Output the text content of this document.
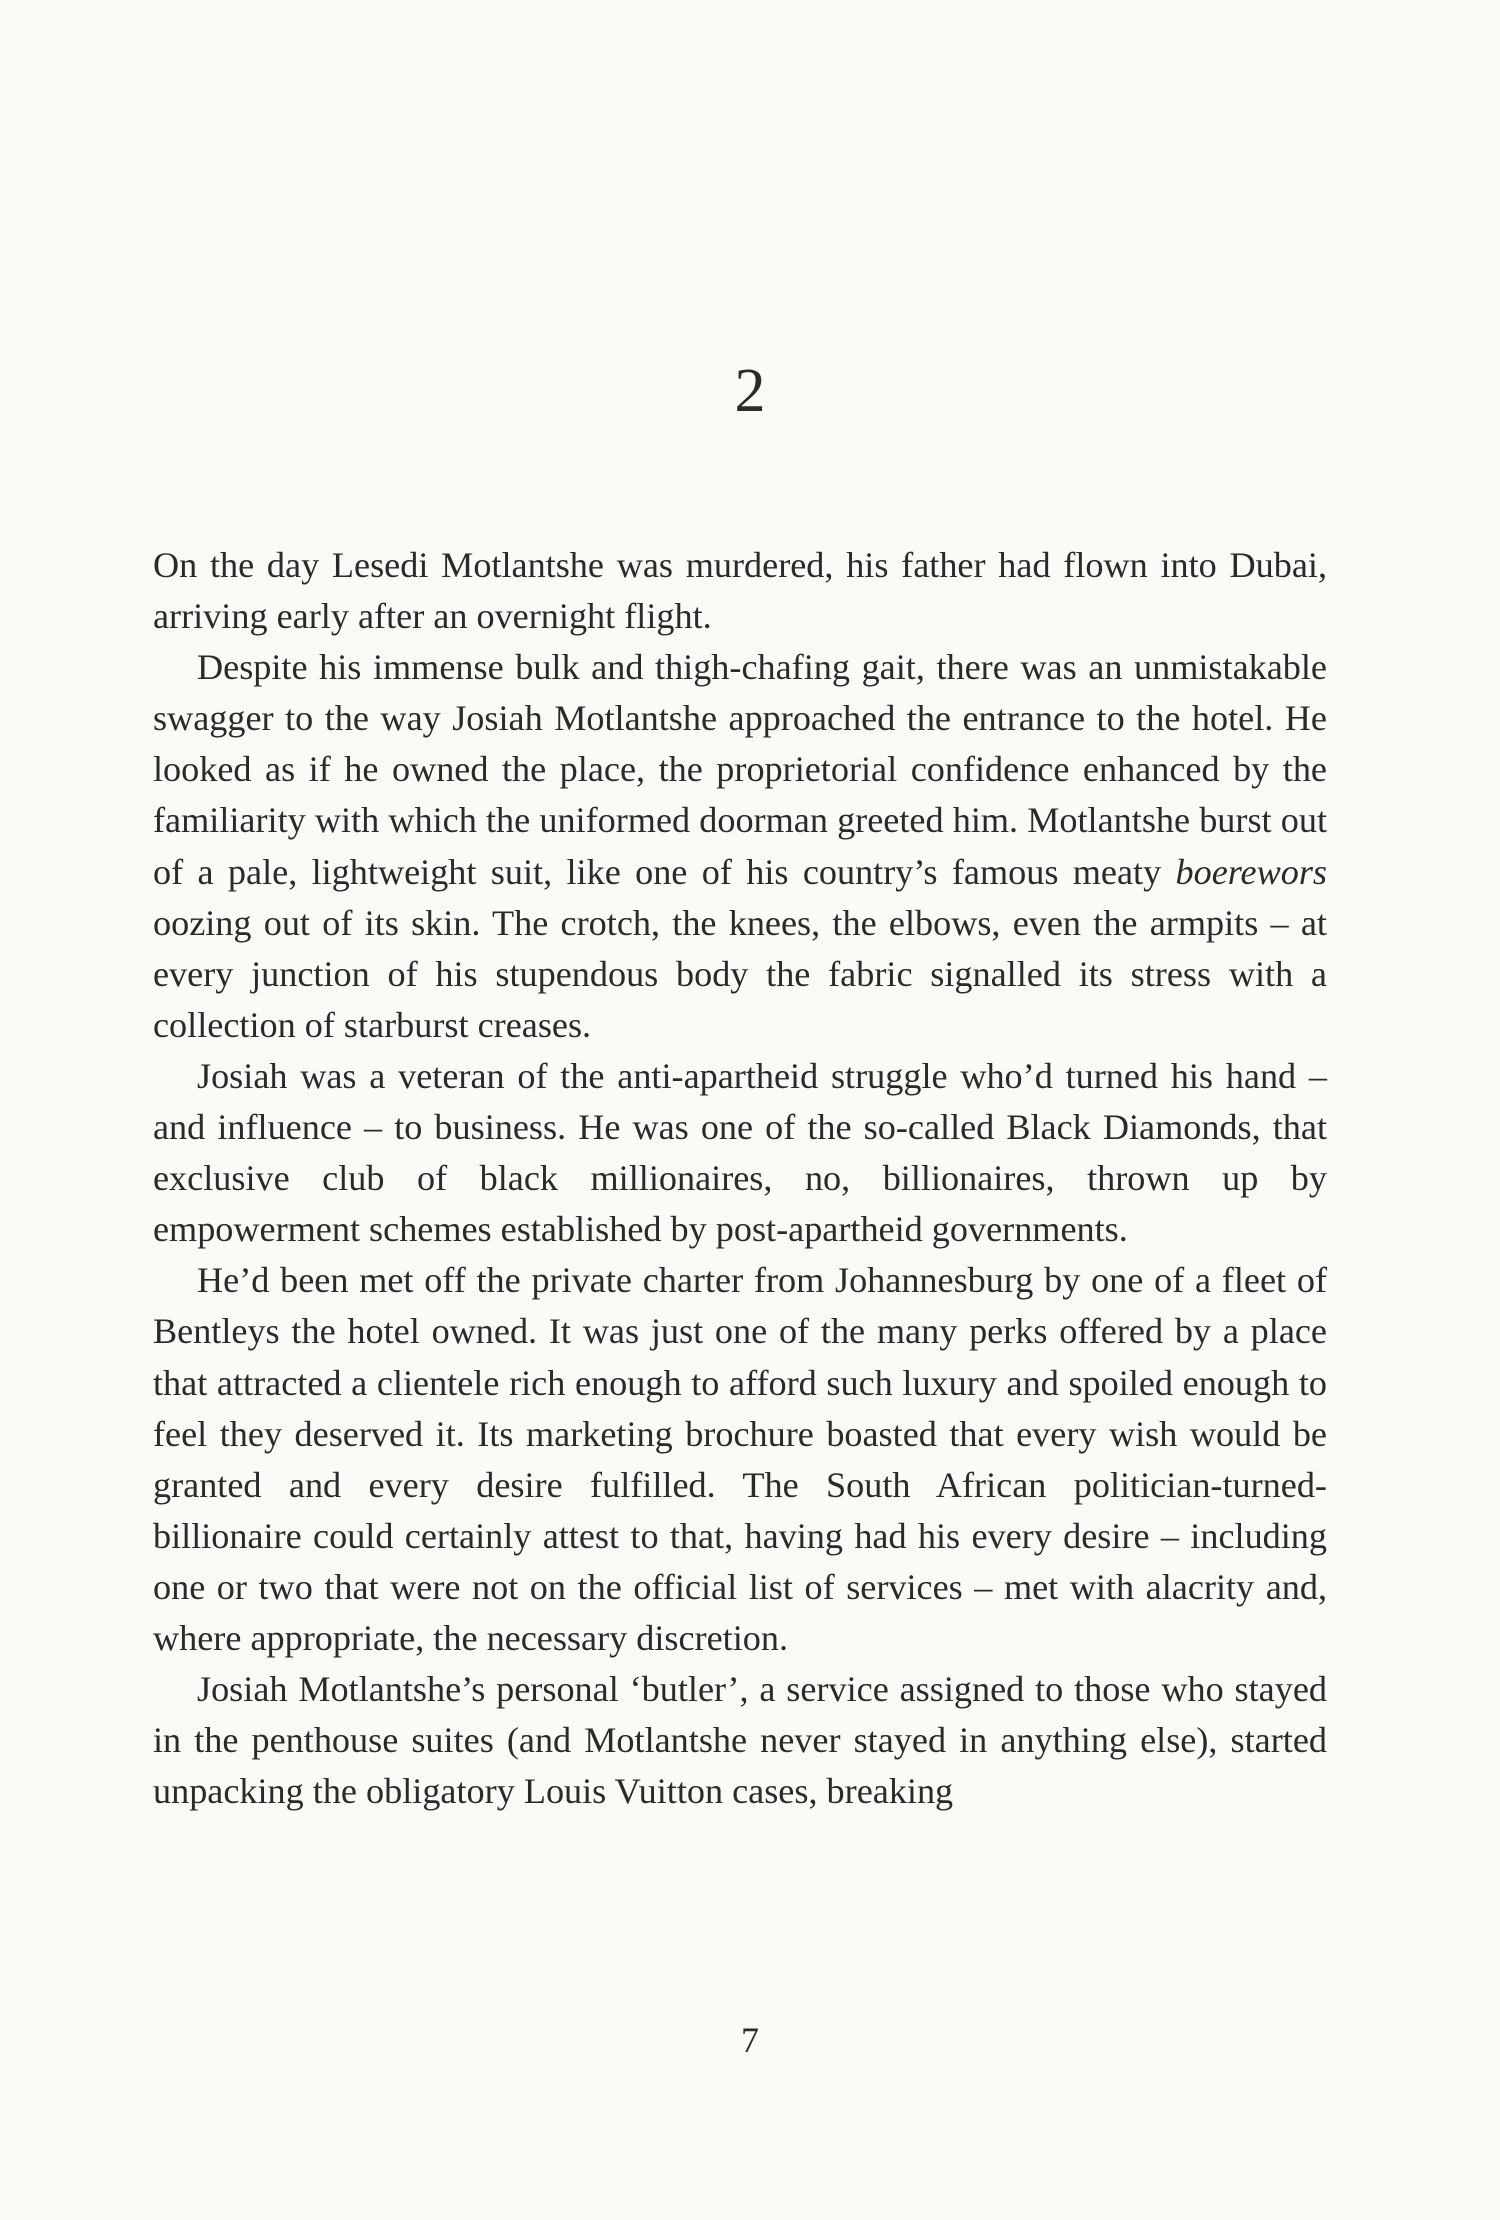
2

On the day Lesedi Motlantshe was murdered, his father had flown into Dubai, arriving early after an overnight flight.

Despite his immense bulk and thigh-chafing gait, there was an unmistakable swagger to the way Josiah Motlantshe approached the entrance to the hotel. He looked as if he owned the place, the proprietorial confidence enhanced by the familiarity with which the uniformed doorman greeted him. Motlantshe burst out of a pale, lightweight suit, like one of his country’s famous meaty boerewors oozing out of its skin. The crotch, the knees, the elbows, even the armpits – at every junction of his stupendous body the fabric signalled its stress with a collection of starburst creases.

Josiah was a veteran of the anti-apartheid struggle who’d turned his hand – and influence – to business. He was one of the so-called Black Diamonds, that exclusive club of black millionaires, no, billionaires, thrown up by empowerment schemes established by post-apartheid governments.

He’d been met off the private charter from Johannesburg by one of a fleet of Bentleys the hotel owned. It was just one of the many perks offered by a place that attracted a clientele rich enough to afford such luxury and spoiled enough to feel they deserved it. Its marketing brochure boasted that every wish would be granted and every desire fulfilled. The South African politician-turned-billionaire could certainly attest to that, having had his every desire – including one or two that were not on the official list of services – met with alacrity and, where appropriate, the necessary discretion.

Josiah Motlantshe’s personal ‘butler’, a service assigned to those who stayed in the penthouse suites (and Motlantshe never stayed in anything else), started unpacking the obligatory Louis Vuitton cases, breaking

7
